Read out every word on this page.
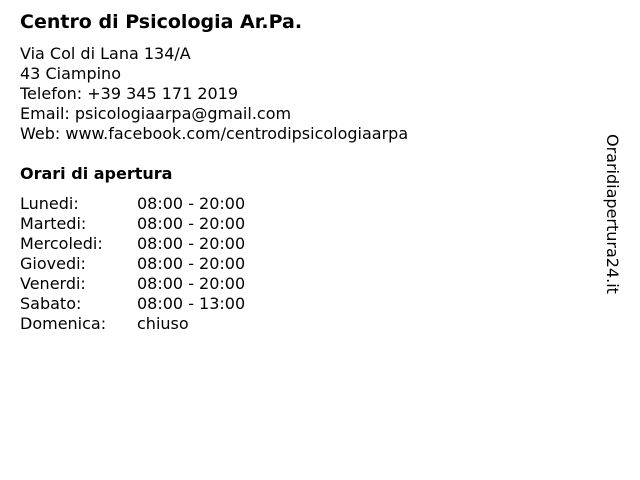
Centro di Psicologia Ar.Pa.
Via Col di Lana 134/A
43 Ciampino
Telefon: +39 345 171 2019
Email: psicologiaarpa@gmail.com
Web: www.facebook.com/centrodipsicologiaarpa
Orari di apertura
Lunedi:	08:00 - 20:00
Martedi:	08:00 - 20:00
Mercoledi: 08:00 - 20:00
Giovedi:	08:00 - 20:00
Venerdi:	08:00 - 20:00
Sabato:	08:00 - 13:00
Domenica: chiuso
Oraridiapertura24.it
